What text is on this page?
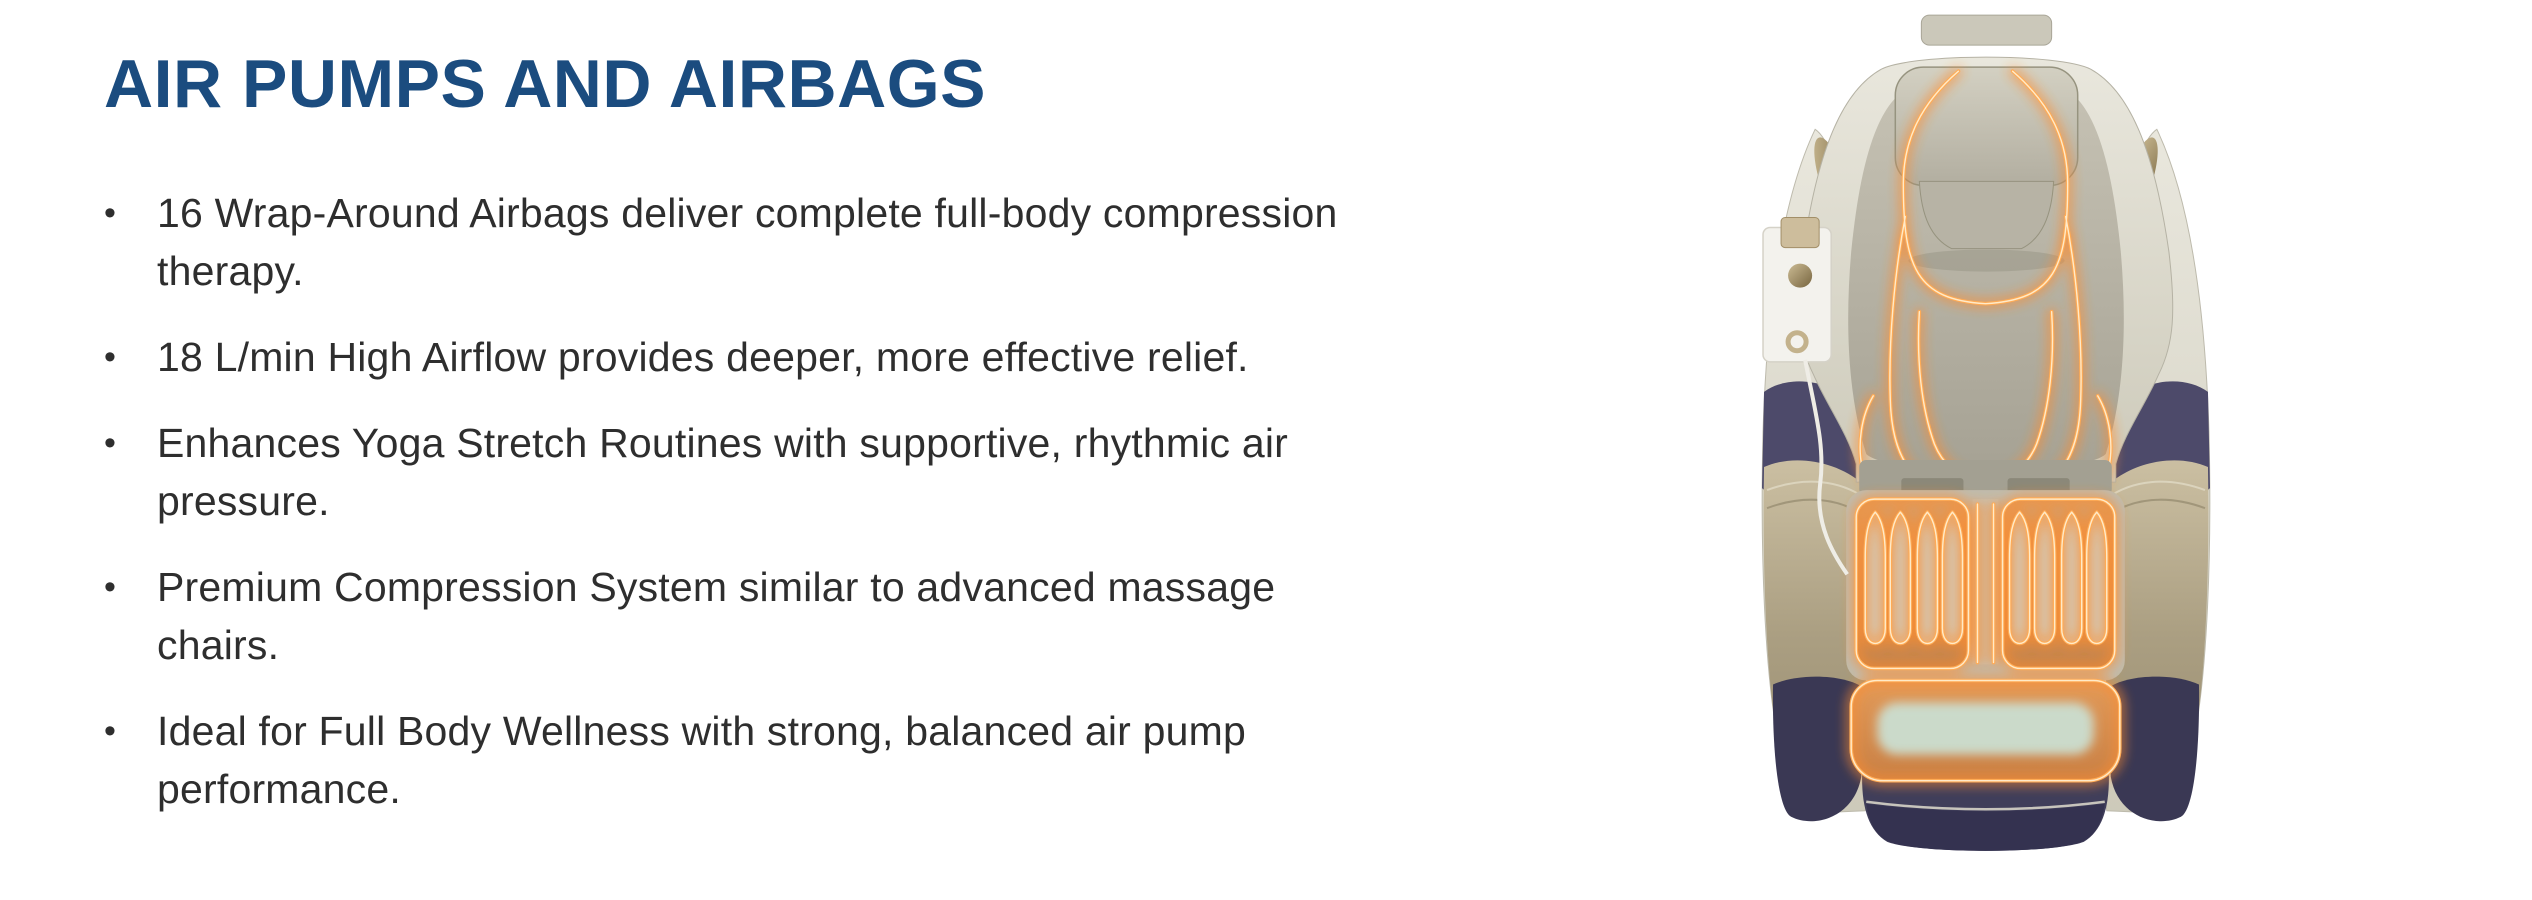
AIR PUMPS AND AIRBAGS
•	16 Wrap-Around Airbags deliver complete full-body compression therapy.
•	18 L/min High Airflow provides deeper, more effective relief.
•	Enhances Yoga Stretch Routines with supportive, rhythmic air pressure.
•	Premium Compression System similar to advanced massage chairs.
•	Ideal for Full Body Wellness with strong, balanced air pump performance.
